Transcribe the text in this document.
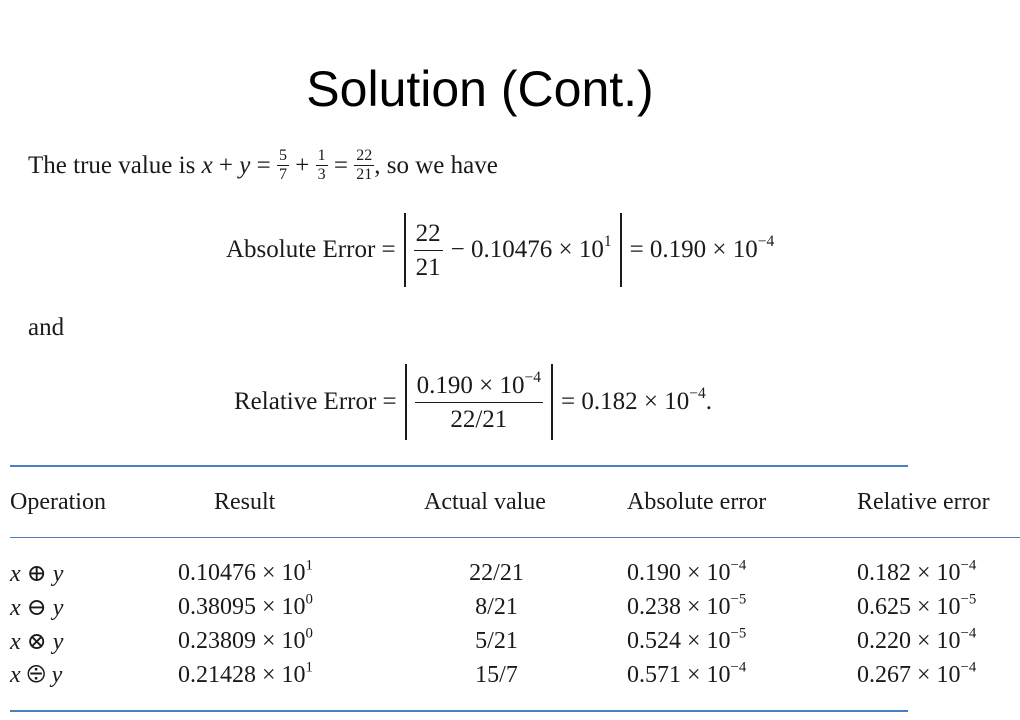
Solution (Cont.)
The true value is
x
+
y
=
$\frac{5}{7}$
+
$\frac{1}{3}$
=
$\frac{22}{21}$ , so we have
Absolute Error = $\frac{22}{21} - 0.10476 \times 10^1 = 0.190 \times 10^{-4}$
and
Relative Error = $\frac{0.190 \times 10^{-4}}{22/21} = 0.182 \times 10^{-4}$.
Operation	Result	Actual value	Absolute error	Relative error
x ⊕ y	$0.10476 \times 10^1$	22/21	$0.190 \times 10^{-4}$	$0.182 \times 10^{-4}$
x ⊖ y	$0.38095 \times 10^0$	8/21	$0.238 \times 10^{-5}$	$0.625 \times 10^{-5}$
x ⊗ y	$0.23809 \times 10^0$	5/21	$0.524 \times 10^{-5}$	$0.220 \times 10^{-4}$
x ⨸ y	$0.21428 \times 10^1$	15/7	$0.571 \times 10^{-4}$	$0.267 \times 10^{-4}$
